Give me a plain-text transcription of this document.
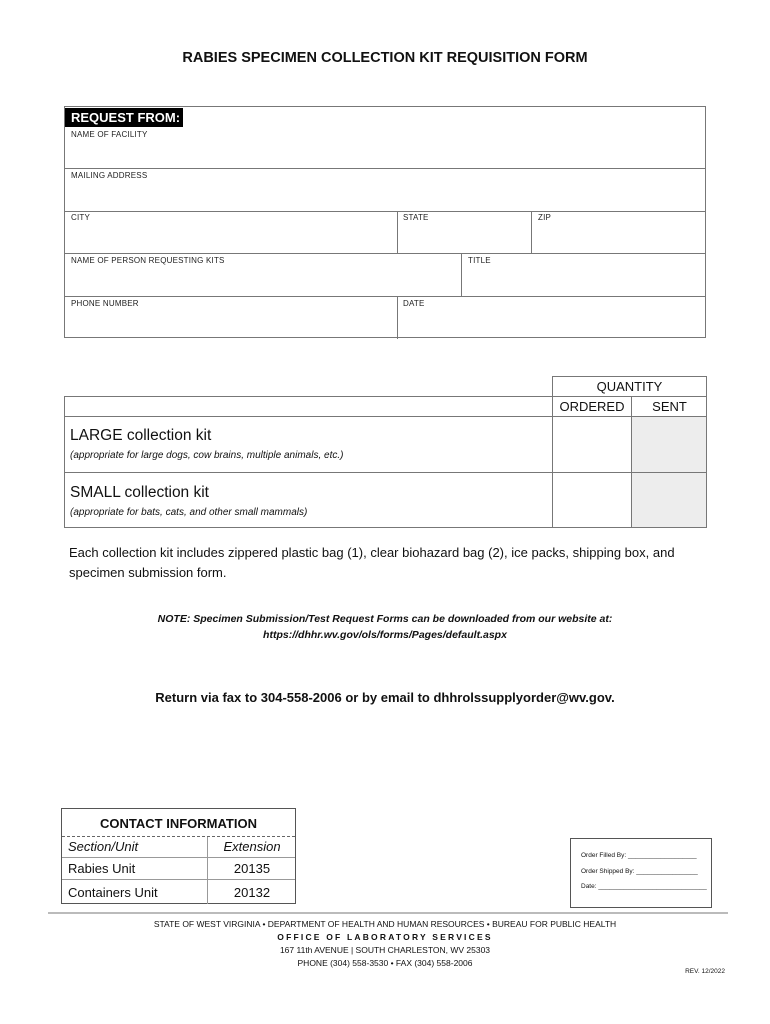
RABIES SPECIMEN COLLECTION KIT REQUISITION FORM
NAME OF FACILITY
MAILING ADDRESS
CITY	STATE	ZIP
NAME OF PERSON REQUESTING KITS	TITLE
PHONE NUMBER	DATE
REQUEST FROM:
QUANTITY
ORDERED	SENT
LARGE collection kit
(appropriate for large dogs, cow brains, multiple animals, etc.)
SMALL collection kit
(appropriate for bats, cats, and other small mammals)
Each collection kit includes zippered plastic bag (1), clear biohazard bag (2), ice packs, shipping box, and specimen submission form.
NOTE: Specimen Submission/Test Request Forms can be downloaded from our website at:
https://dhhr.wv.gov/ols/forms/Pages/default.aspx
Return via fax to 304-558-2006 or by email to dhhrolssupplyorder@wv.gov.
CONTACT INFORMATION
Section/Unit	Extension
Rabies Unit	20135
Containers Unit	20132
Order Filled By: ___________________
Order Shipped By: _________________
Date: ______________________________
STATE OF WEST VIRGINIA • DEPARTMENT OF HEALTH AND HUMAN RESOURCES • BUREAU FOR PUBLIC HEALTH
OFFICE OF LABORATORY SERVICES
167 11th AVENUE | SOUTH CHARLESTON, WV 25303
PHONE (304) 558-3530 • FAX (304) 558-2006
REV. 12/2022
